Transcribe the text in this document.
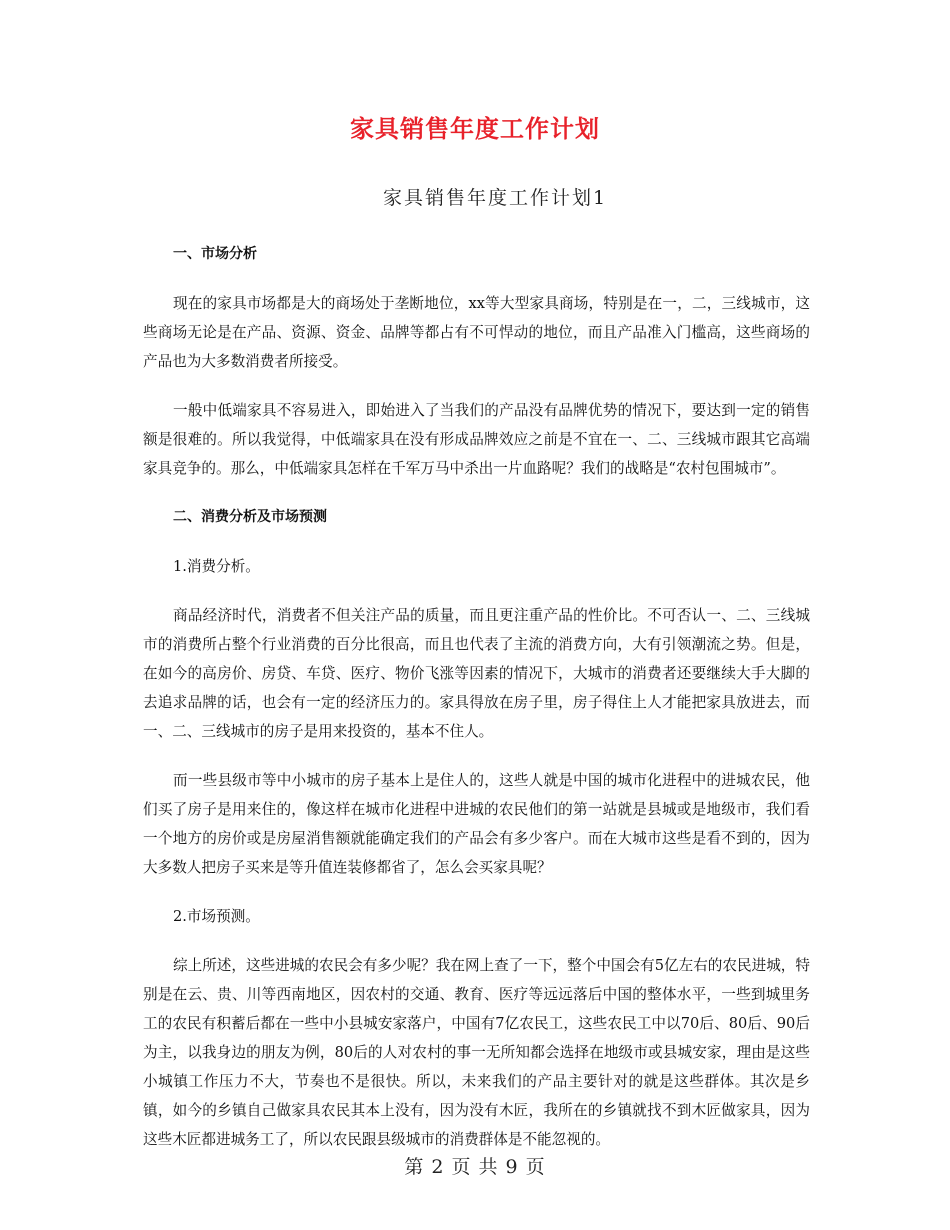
家具销售年度工作计划
家具销售年度工作计划1

一、市场分析

现在的家具市场都是大的商场处于垄断地位，xx等大型家具商场，特别是在一，二，三线城市，这些商场无论是在产品、资源、资金、品牌等都占有不可悍动的地位，而且产品准入门槛高，这些商场的产品也为大多数消费者所接受。

一般中低端家具不容易进入，即始进入了当我们的产品没有品牌优势的情况下，要达到一定的销售额是很难的。所以我觉得，中低端家具在没有形成品牌效应之前是不宜在一、二、三线城市跟其它高端家具竞争的。那么，中低端家具怎样在千军万马中杀出一片血路呢？我们的战略是“农村包围城市”。

二、消费分析及市场预测

1.消费分析。

商品经济时代，消费者不但关注产品的质量，而且更注重产品的性价比。不可否认一、二、三线城市的消费所占整个行业消费的百分比很高，而且也代表了主流的消费方向，大有引领潮流之势。但是，在如今的高房价、房贷、车贷、医疗、物价飞涨等因素的情况下，大城市的消费者还要继续大手大脚的去追求品牌的话，也会有一定的经济压力的。家具得放在房子里，房子得住上人才能把家具放进去，而一、二、三线城市的房子是用来投资的，基本不住人。

而一些县级市等中小城市的房子基本上是住人的，这些人就是中国的城市化进程中的进城农民，他们买了房子是用来住的，像这样在城市化进程中进城的农民他们的第一站就是县城或是地级市，我们看一个地方的房价或是房屋消售额就能确定我们的产品会有多少客户。而在大城市这些是看不到的，因为大多数人把房子买来是等升值连装修都省了，怎么会买家具呢？

2.市场预测。

综上所述，这些进城的农民会有多少呢？我在网上查了一下，整个中国会有5亿左右的农民进城，特别是在云、贵、川等西南地区，因农村的交通、教育、医疗等远远落后中国的整体水平，一些到城里务工的农民有积蓄后都在一些中小县城安家落户，中国有7亿农民工，这些农民工中以70后、80后、90后为主，以我身边的朋友为例，80后的人对农村的事一无所知都会选择在地级市或县城安家，理由是这些小城镇工作压力不大，节奏也不是很快。所以，未来我们的产品主要针对的就是这些群体。其次是乡镇，如今的乡镇自己做家具农民其本上没有，因为没有木匠，我所在的乡镇就找不到木匠做家具，因为这些木匠都进城务工了，所以农民跟县级城市的消费群体是不能忽视的。

第 2 页 共 9 页
